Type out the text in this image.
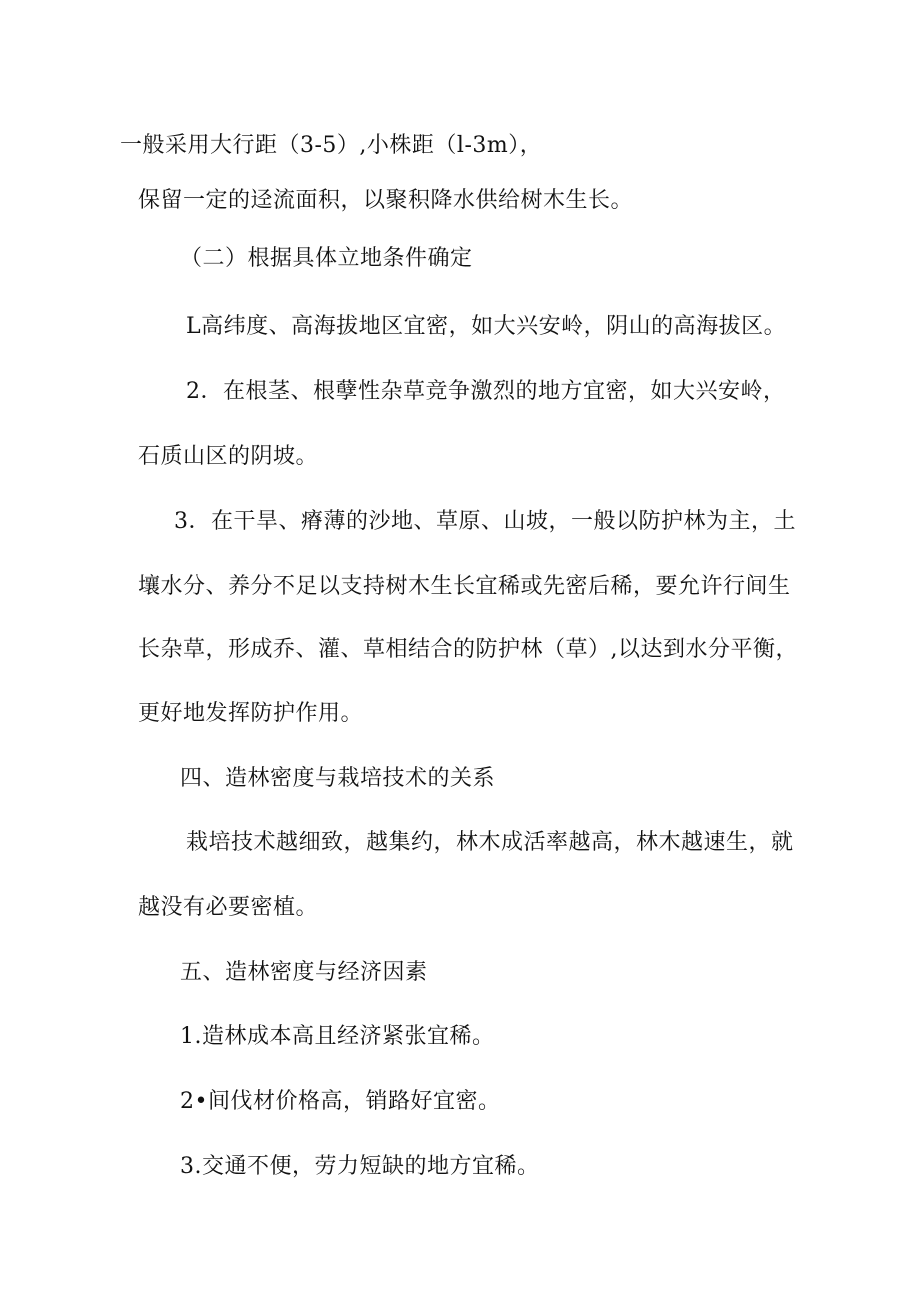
一般采用大行距（3-5）,小株距（l-3m），
保留一定的迳流面积，以聚积降水供给树木生长。
（二）根据具体立地条件确定
L高纬度、高海拔地区宜密，如大兴安岭，阴山的高海拔区。
2．在根茎、根孽性杂草竞争激烈的地方宜密，如大兴安岭，
石质山区的阴坡。
3．在干旱、瘠薄的沙地、草原、山坡，一般以防护林为主，土
壤水分、养分不足以支持树木生长宜稀或先密后稀，要允许行间生
长杂草，形成乔、灌、草相结合的防护林（草）,以达到水分平衡，
更好地发挥防护作用。
四、造林密度与栽培技术的关系
栽培技术越细致，越集约，林木成活率越高，林木越速生，就
越没有必要密植。
五、造林密度与经济因素
1.造林成本高且经济紧张宜稀。
2•间伐材价格高，销路好宜密。
3.交通不便，劳力短缺的地方宜稀。
